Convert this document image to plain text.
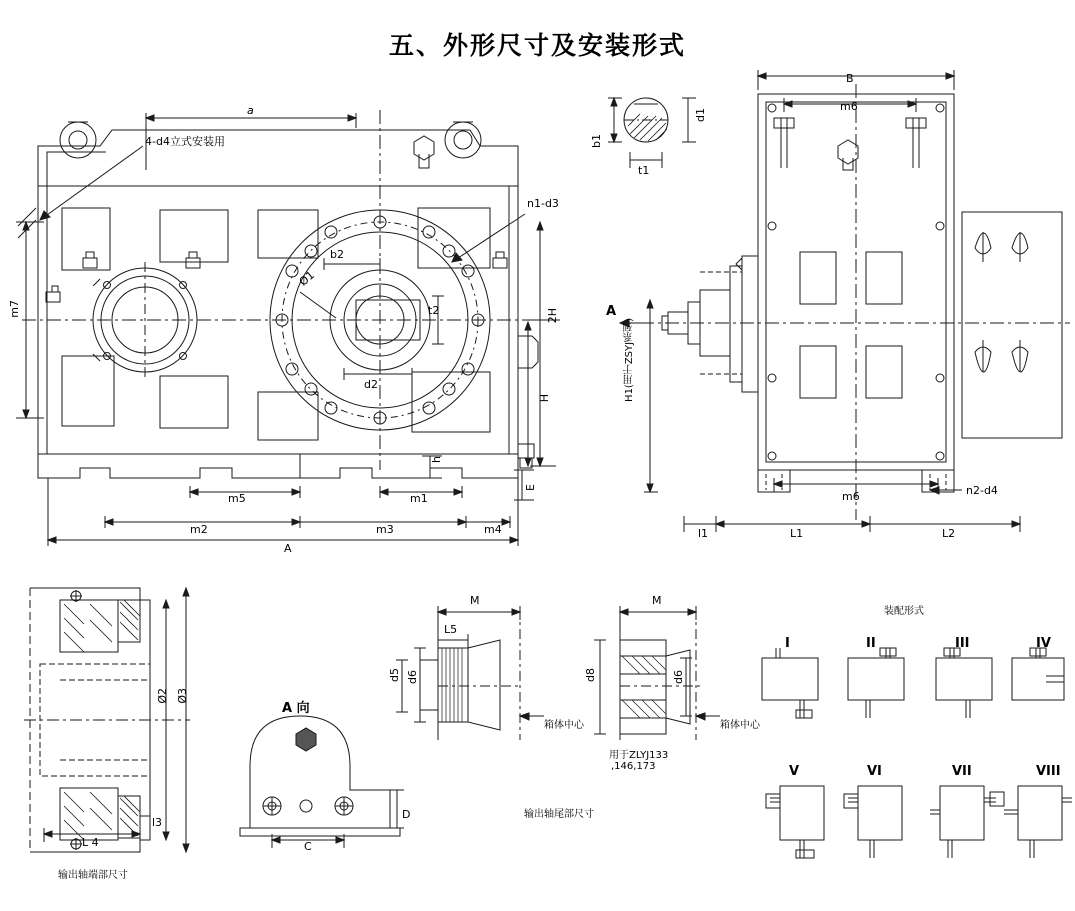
五、外形尺寸及安装形式
4-d4立式安装用
a
n1-d3
b2
Ø1
t2
d2
m7	2H
H
E
h
m5	m1
m2	m3	m4
A
b1
d1
t1
B
m6
A
H1(用于ZSYJ系列)
m6	n2-d4
l1	L1	L2
Ø2 Ø3
l3
L 4
输出轴端部尺寸
A 向
D
C
M
L5
d5 d6
箱体中心
M
d8	d6
箱体中心
用于ZLYJ133
,146,173
输出轴尾部尺寸
装配形式
I	II	III	IV
V	VI	VII	VIII
